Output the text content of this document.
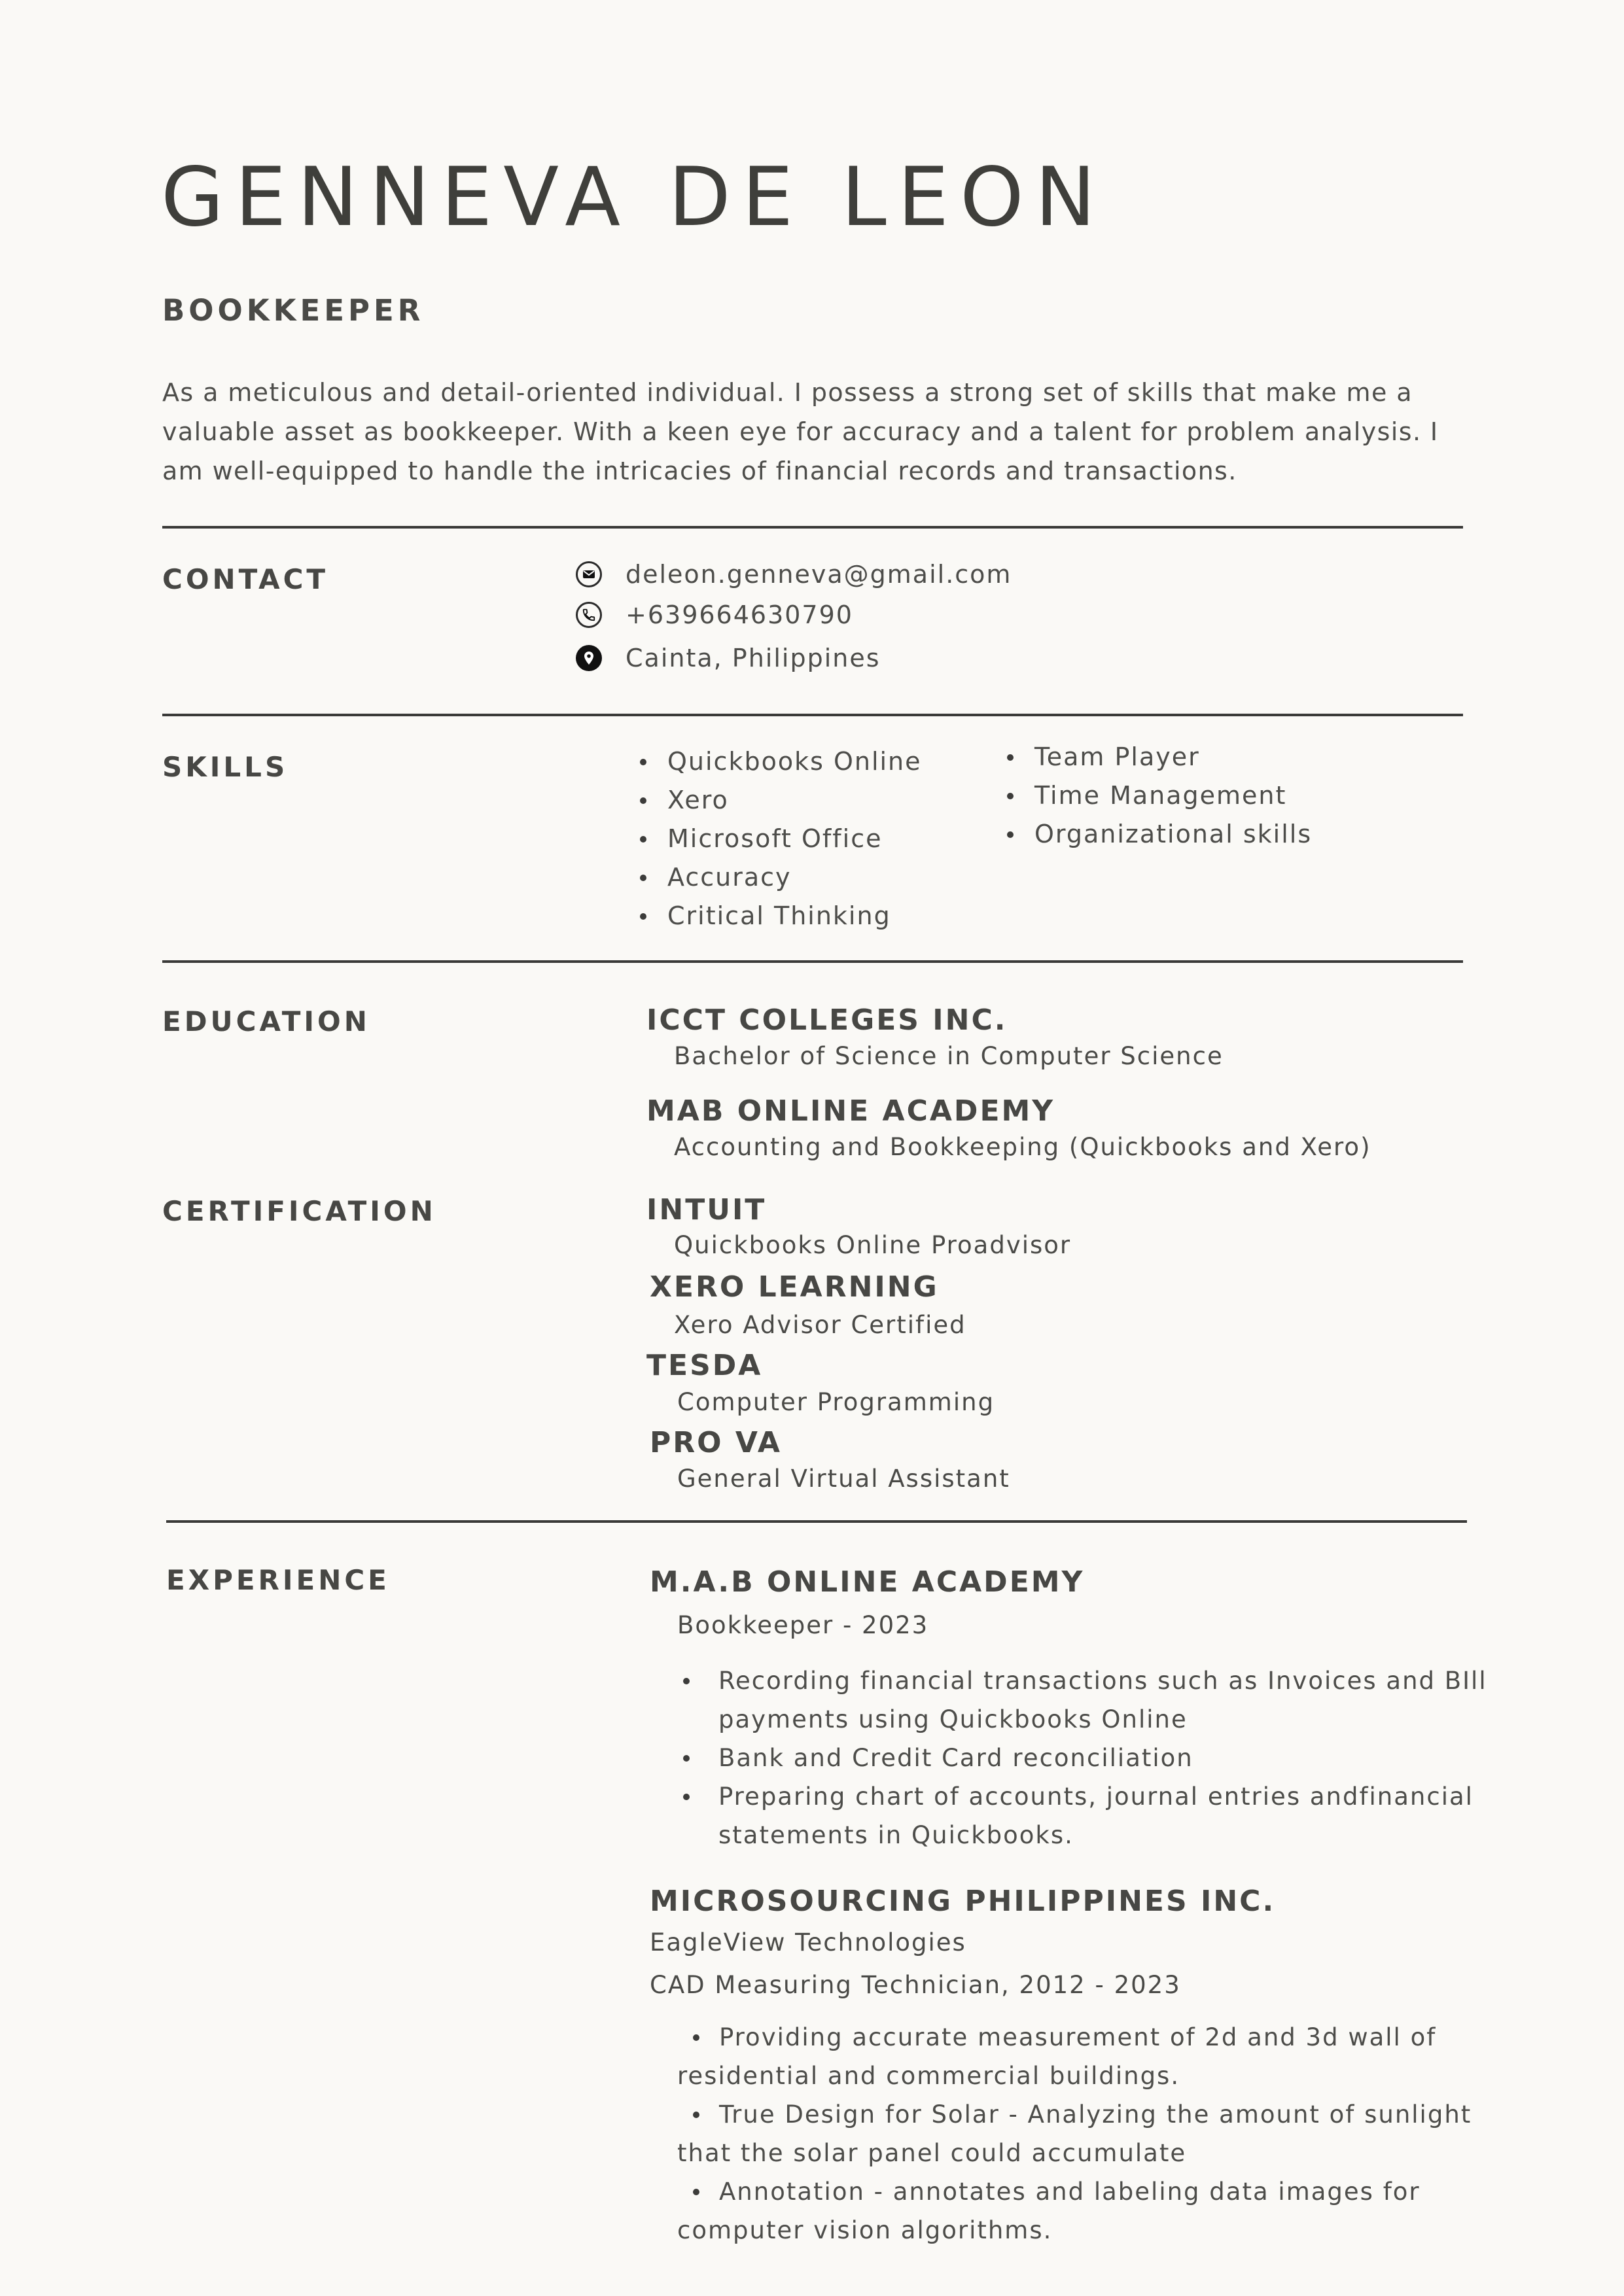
GENNEVA DE LEON
BOOKKEEPER
As a meticulous and detail-oriented individual. I possess a strong set of skills that make me a valuable asset as bookkeeper. With a keen eye for accuracy and a talent for problem analysis. I am well-equipped to handle the intricacies of financial records and transactions.
CONTACT	deleon.genneva@gmail.com
+639664630790
Cainta, Philippines
SKILLS	Quickbooks Online
Xero
Microsoft Office
Accuracy
Critical Thinking
Team Player
Time Management
Organizational skills
EDUCATION	ICCT COLLEGES INC.
Bachelor of Science in Computer Science
MAB ONLINE ACADEMY
Accounting and Bookkeeping (Quickbooks and Xero)
CERTIFICATION	INTUIT
Quickbooks Online Proadvisor
XERO LEARNING
Xero Advisor Certified
TESDA
Computer Programming
PRO VA
General Virtual Assistant
EXPERIENCE	M.A.B ONLINE ACADEMY
Bookkeeper - 2023
Recording financial transactions such as Invoices and BIll payments using Quickbooks Online
Bank and Credit Card reconciliation
Preparing chart of accounts, journal entries andfinancial statements in Quickbooks.
MICROSOURCING PHILIPPINES INC.
EagleView Technologies
CAD Measuring Technician, 2012 - 2023
Providing accurate measurement of 2d and 3d wall of residential and commercial buildings.
True Design for Solar - Analyzing the amount of sunlight that the solar panel could accumulate
Annotation - annotates and labeling data images for computer vision algorithms.
